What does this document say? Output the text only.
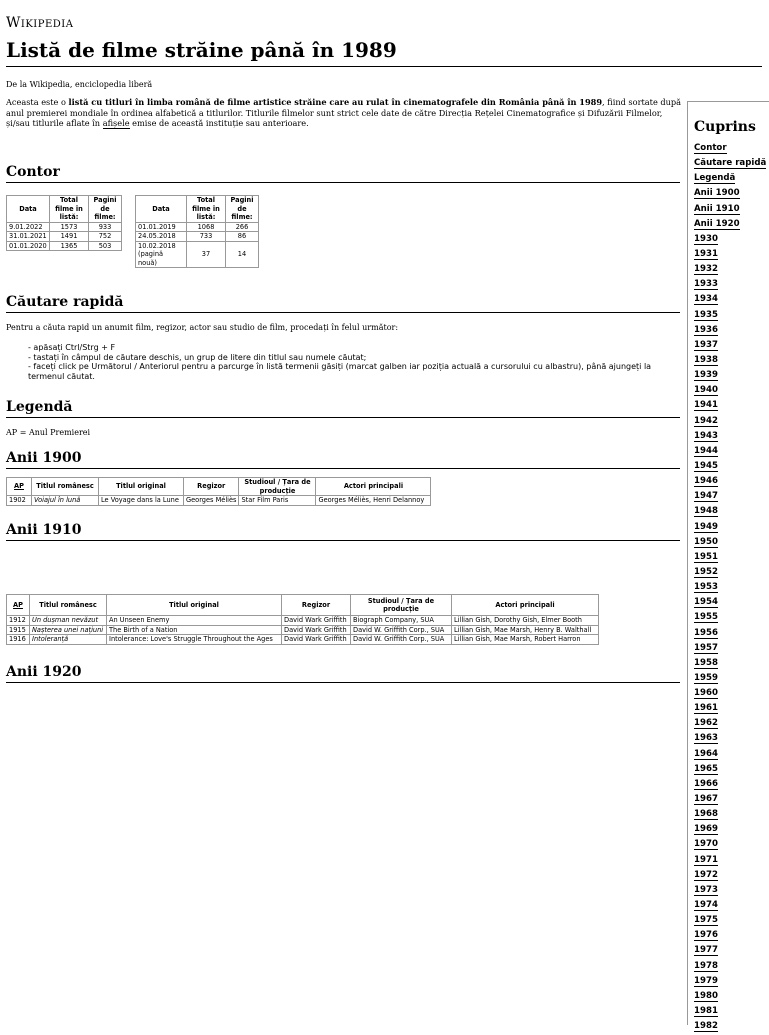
Wikipedia
Listă de filme străine până în 1989
De la Wikipedia, enciclopedia liberă
Aceasta este o listă cu titluri în limba română de filme artistice străine care au rulat în cinematografele din România până în 1989, fiind sortate după anul premierei mondiale în ordinea alfabetică a titlurilor. Titlurile filmelor sunt strict cele date de către Direcția Rețelei Cinematografice și Difuzării Filmelor, și/sau titlurile aflate în afișele emise de această instituție sau anterioare.
Contor
Data	Total filme în listă:	Pagini de filme:
9.01.2022	1573	933
31.01.2021	1491	752
01.01.2020	1365	503
Data	Total filme în listă:	Pagini de filme:
01.01.2019	1068	266
24.05.2018	733	86
10.02.2018 (pagină nouă)	37	14
Căutare rapidă
Pentru a căuta rapid un anumit film, regizor, actor sau studio de film, procedați în felul următor:
- apăsați Ctrl/Strg + F
- tastați în câmpul de căutare deschis, un grup de litere din titlul sau numele căutat;
- faceți click pe Următorul / Anteriorul pentru a parcurge în listă termenii găsiți (marcat galben iar poziția actuală a cursorului cu albastru), până ajungeți la termenul căutat.
Legendă
AP = Anul Premierei
Anii 1900
AP	Titlul românesc	Titlul original	Regizor	Studioul / Țara de producție	Actori principali
1902	Voiajul în lună	Le Voyage dans la Lune	Georges Méliès	Star Film Paris	Georges Méliès, Henri Delannoy
Anii 1910
AP	Titlul românesc	Titlul original	Regizor	Studioul / Țara de producție	Actori principali
1912	Un dușman nevăzut	An Unseen Enemy	David Wark Griffith	Biograph Company, SUA	Lillian Gish, Dorothy Gish, Elmer Booth
1915	Nașterea unei națiuni	The Birth of a Nation	David Wark Griffith	David W. Griffith Corp., SUA	Lillian Gish, Mae Marsh, Henry B. Walthall
1916	Intoleranță	Intolerance: Love's Struggle Throughout the Ages	David Wark Griffith	David W. Griffith Corp., SUA	Lillian Gish, Mae Marsh, Robert Harron
Anii 1920
Cuprins
Contor
Căutare rapidă
Legendă
Anii 1900
Anii 1910
Anii 1920
1930
1931
1932
1933
1934
1935
1936
1937
1938
1939
1940
1941
1942
1943
1944
1945
1946
1947
1948
1949
1950
1951
1952
1953
1954
1955
1956
1957
1958
1959
1960
1961
1962
1963
1964
1965
1966
1967
1968
1969
1970
1971
1972
1973
1974
1975
1976
1977
1978
1979
1980
1981
1982
